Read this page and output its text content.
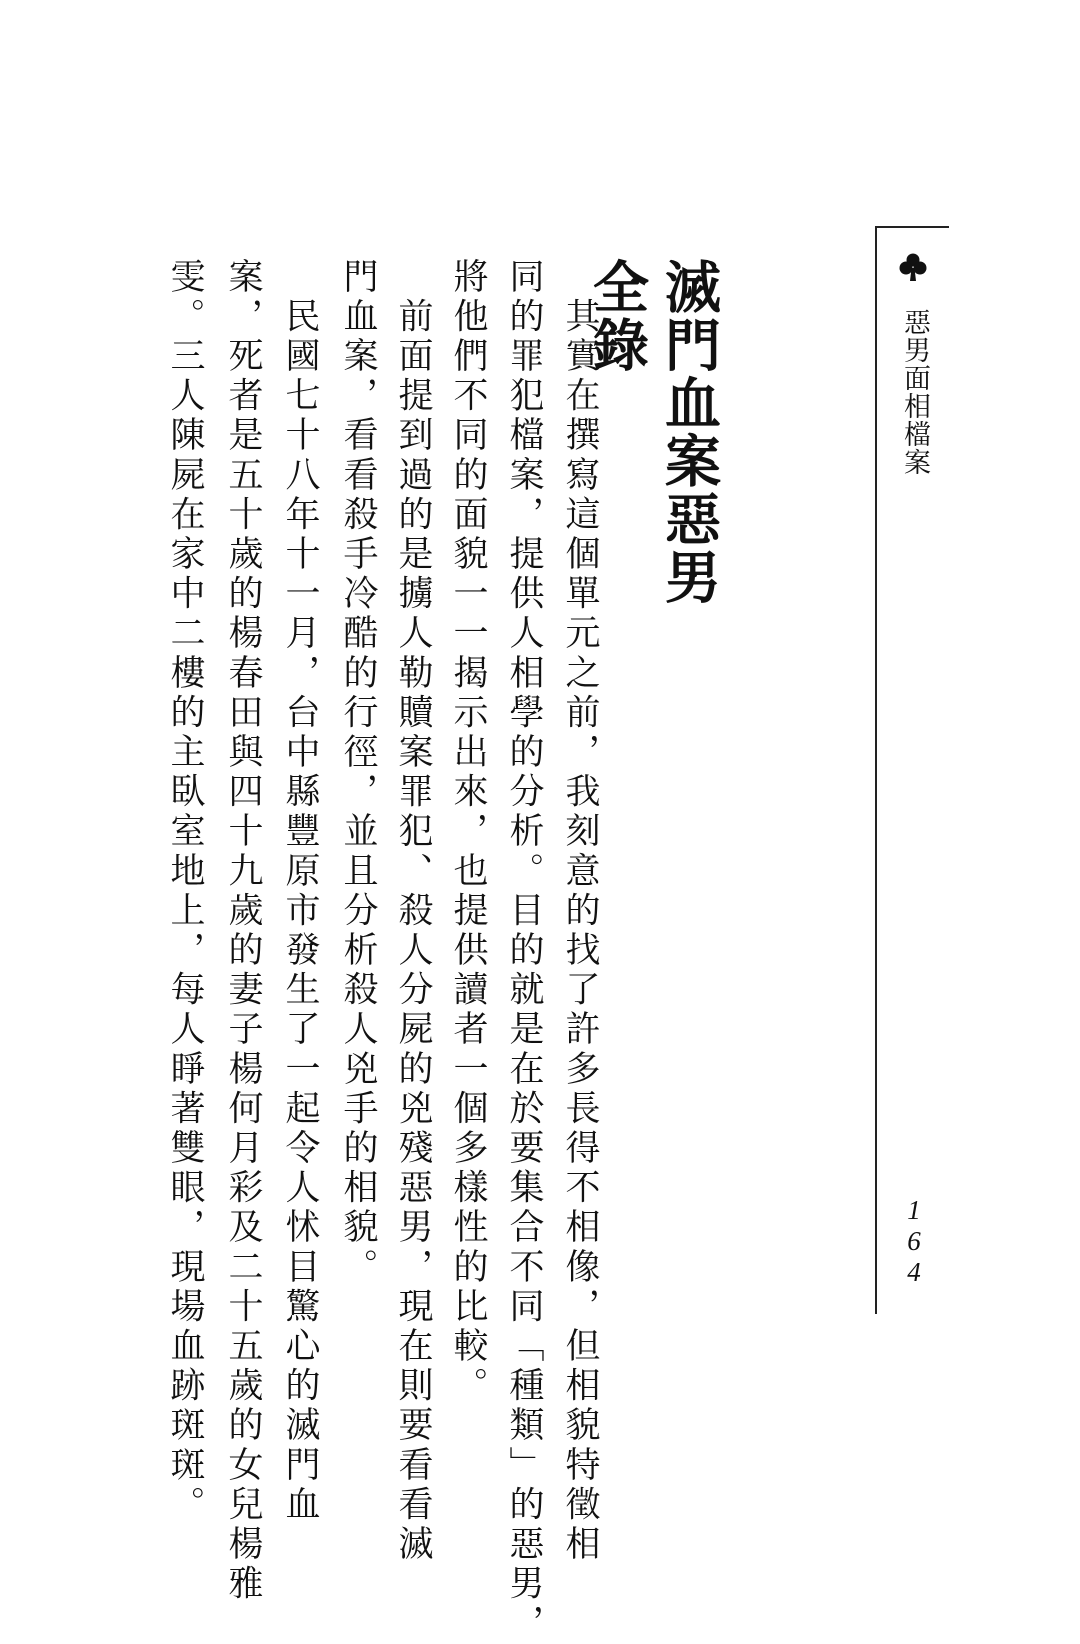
惡男面相檔案
1
6
4
滅門血案惡男全錄
　其實在撰寫這個單元之前，我刻意的找了許多長得不相像，但相貌特徵相
同的罪犯檔案，提供人相學的分析。目的就是在於要集合不同「種類」的惡男，
將他們不同的面貌一一揭示出來，也提供讀者一個多樣性的比較。
　前面提到過的是擄人勒贖案罪犯、殺人分屍的兇殘惡男，現在則要看看滅
門血案，看看殺手冷酷的行徑，並且分析殺人兇手的相貌。
　民國七十八年十一月，台中縣豐原市發生了一起令人怵目驚心的滅門血
案，死者是五十歲的楊春田與四十九歲的妻子楊何月彩及二十五歲的女兒楊雅
雯。三人陳屍在家中二樓的主臥室地上，每人睜著雙眼，現場血跡斑斑。
